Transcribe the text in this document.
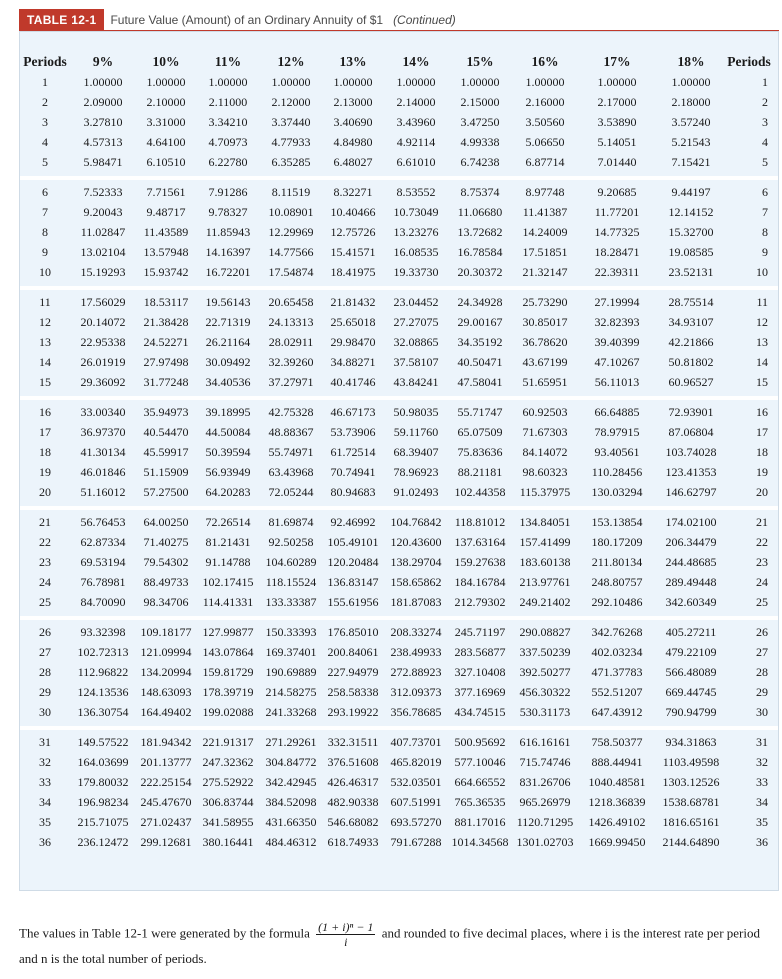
TABLE 12-1	Future Value (Amount) of an Ordinary Annuity of $1 (Continued)
Periods	9%	10%	11%	12%	13%	14%	15%	16%	17%	18%	Periods
1	1.00000	1.00000	1.00000	1.00000	1.00000	1.00000	1.00000	1.00000	1.00000	1.00000	1
2	2.09000	2.10000	2.11000	2.12000	2.13000	2.14000	2.15000	2.16000	2.17000	2.18000	2
3	3.27810	3.31000	3.34210	3.37440	3.40690	3.43960	3.47250	3.50560	3.53890	3.57240	3
4	4.57313	4.64100	4.70973	4.77933	4.84980	4.92114	4.99338	5.06650	5.14051	5.21543	4
5	5.98471	6.10510	6.22780	6.35285	6.48027	6.61010	6.74238	6.87714	7.01440	7.15421	5

6	7.52333	7.71561	7.91286	8.11519	8.32271	8.53552	8.75374	8.97748	9.20685	9.44197	6
7	9.20043	9.48717	9.78327	10.08901	10.40466	10.73049	11.06680	11.41387	11.77201	12.14152	7
8	11.02847	11.43589	11.85943	12.29969	12.75726	13.23276	13.72682	14.24009	14.77325	15.32700	8
9	13.02104	13.57948	14.16397	14.77566	15.41571	16.08535	16.78584	17.51851	18.28471	19.08585	9
10	15.19293	15.93742	16.72201	17.54874	18.41975	19.33730	20.30372	21.32147	22.39311	23.52131	10

11	17.56029	18.53117	19.56143	20.65458	21.81432	23.04452	24.34928	25.73290	27.19994	28.75514	11
12	20.14072	21.38428	22.71319	24.13313	25.65018	27.27075	29.00167	30.85017	32.82393	34.93107	12
13	22.95338	24.52271	26.21164	28.02911	29.98470	32.08865	34.35192	36.78620	39.40399	42.21866	13
14	26.01919	27.97498	30.09492	32.39260	34.88271	37.58107	40.50471	43.67199	47.10267	50.81802	14
15	29.36092	31.77248	34.40536	37.27971	40.41746	43.84241	47.58041	51.65951	56.11013	60.96527	15

16	33.00340	35.94973	39.18995	42.75328	46.67173	50.98035	55.71747	60.92503	66.64885	72.93901	16
17	36.97370	40.54470	44.50084	48.88367	53.73906	59.11760	65.07509	71.67303	78.97915	87.06804	17
18	41.30134	45.59917	50.39594	55.74971	61.72514	68.39407	75.83636	84.14072	93.40561	103.74028	18
19	46.01846	51.15909	56.93949	63.43968	70.74941	78.96923	88.21181	98.60323	110.28456	123.41353	19
20	51.16012	57.27500	64.20283	72.05244	80.94683	91.02493	102.44358	115.37975	130.03294	146.62797	20

21	56.76453	64.00250	72.26514	81.69874	92.46992	104.76842	118.81012	134.84051	153.13854	174.02100	21
22	62.87334	71.40275	81.21431	92.50258	105.49101	120.43600	137.63164	157.41499	180.17209	206.34479	22
23	69.53194	79.54302	91.14788	104.60289	120.20484	138.29704	159.27638	183.60138	211.80134	244.48685	23
24	76.78981	88.49733	102.17415	118.15524	136.83147	158.65862	184.16784	213.97761	248.80757	289.49448	24
25	84.70090	98.34706	114.41331	133.33387	155.61956	181.87083	212.79302	249.21402	292.10486	342.60349	25

26	93.32398	109.18177	127.99877	150.33393	176.85010	208.33274	245.71197	290.08827	342.76268	405.27211	26
27	102.72313	121.09994	143.07864	169.37401	200.84061	238.49933	283.56877	337.50239	402.03234	479.22109	27
28	112.96822	134.20994	159.81729	190.69889	227.94979	272.88923	327.10408	392.50277	471.37783	566.48089	28
29	124.13536	148.63093	178.39719	214.58275	258.58338	312.09373	377.16969	456.30322	552.51207	669.44745	29
30	136.30754	164.49402	199.02088	241.33268	293.19922	356.78685	434.74515	530.31173	647.43912	790.94799	30

31	149.57522	181.94342	221.91317	271.29261	332.31511	407.73701	500.95692	616.16161	758.50377	934.31863	31
32	164.03699	201.13777	247.32362	304.84772	376.51608	465.82019	577.10046	715.74746	888.44941	1103.49598	32
33	179.80032	222.25154	275.52922	342.42945	426.46317	532.03501	664.66552	831.26706	1040.48581	1303.12526	33
34	196.98234	245.47670	306.83744	384.52098	482.90338	607.51991	765.36535	965.26979	1218.36839	1538.68781	34
35	215.71075	271.02437	341.58955	431.66350	546.68082	693.57270	881.17016	1120.71295	1426.49102	1816.65161	35
36	236.12472	299.12681	380.16441	484.46312	618.74933	791.67288	1014.34568	1301.02703	1669.99450	2144.64890	36
The values in Table 12-1 were generated by the formula $\frac{\text{(1 + i)ⁿ − 1}}{i}$ and rounded to five decimal places, where i is the interest rate per period and n is the total number of periods.
